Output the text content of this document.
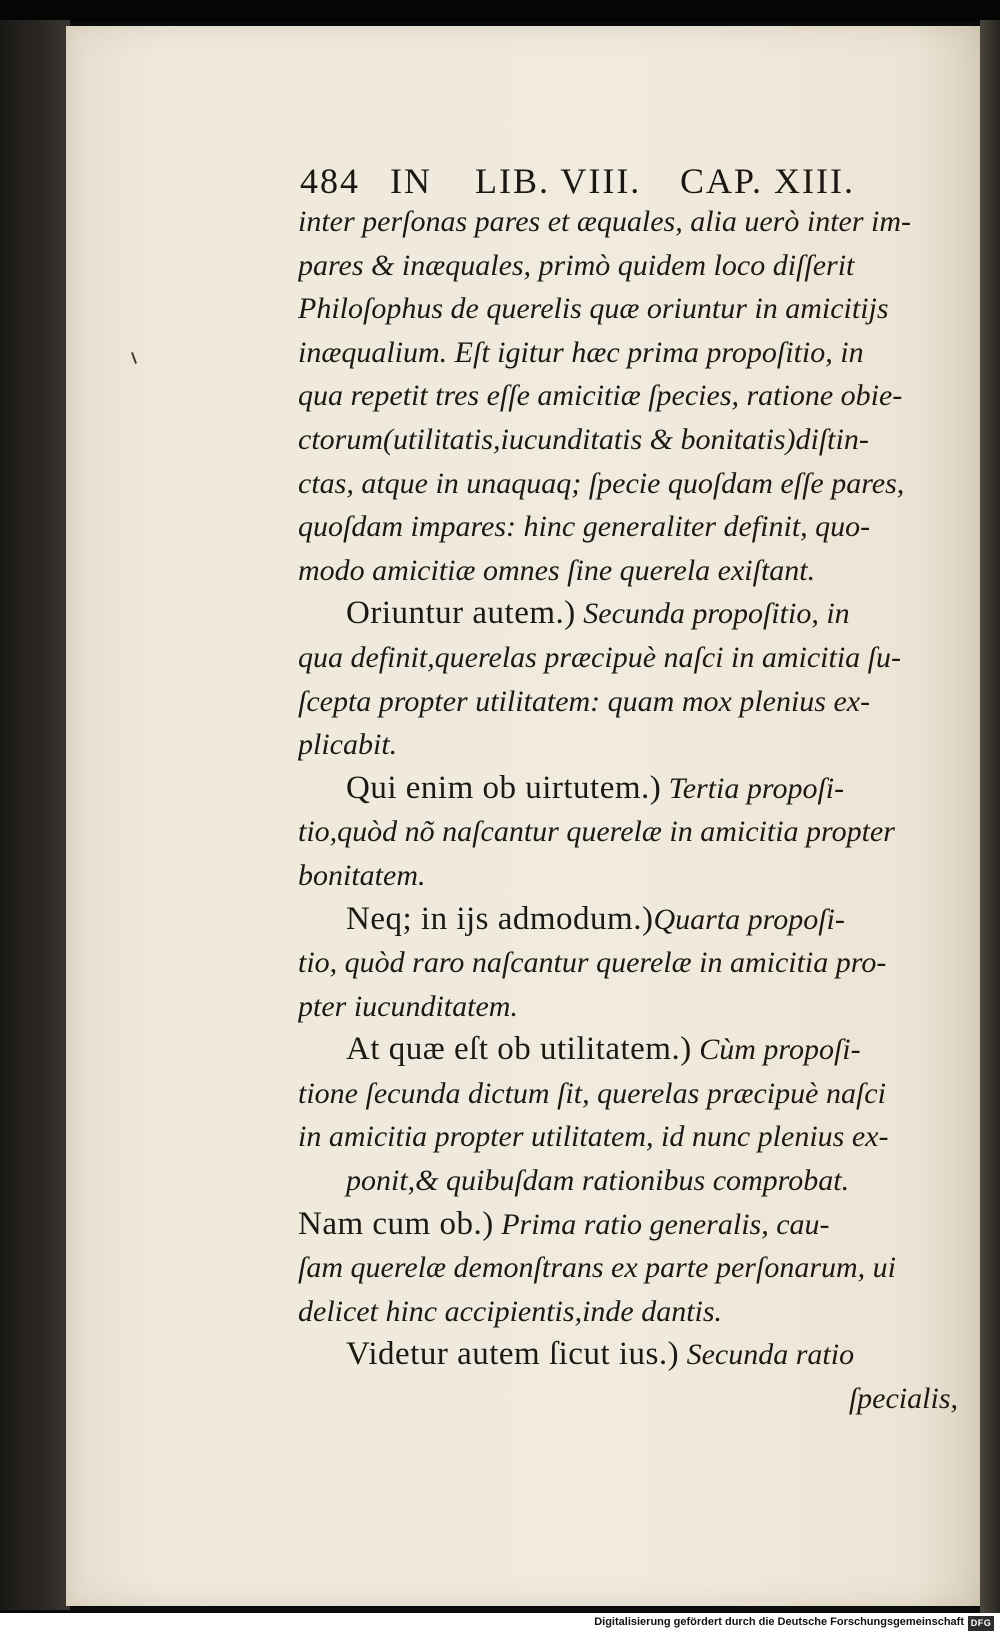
484 IN LIB. VIII. CAP. XIII.
inter perſonas pares et æquales, alia uerò inter im-
pares & inæquales, primò quidem loco diſſerit
Philoſophus de querelis quæ oriuntur in amicitijs
inæqualium. Eſt igitur hæc prima propoſitio, in
qua repetit tres eſſe amicitiæ ſpecies, ratione obie-
ctorum(utilitatis,iucunditatis & bonitatis)diſtin-
ctas, atque in unaquaq; ſpecie quoſdam eſſe pares,
quoſdam impares: hinc generaliter definit, quo-
modo amicitiæ omnes ſine querela exiſtant.
Oriuntur autem.) Secunda propoſitio, in
qua definit,querelas præcipuè naſci in amicitia ſu-
ſcepta propter utilitatem: quam mox plenius ex-
plicabit.
Qui enim ob uirtutem.) Tertia propoſi-
tio,quòd nõ naſcantur querelæ in amicitia propter
bonitatem.
Neq; in ijs admodum.)Quarta propoſi-
tio, quòd raro naſcantur querelæ in amicitia pro-
pter iucunditatem.
At quæ eſt ob utilitatem.) Cùm propoſi-
tione ſecunda dictum ſit, querelas præcipuè naſci
in amicitia propter utilitatem, id nunc plenius ex-
ponit,& quibuſdam rationibus comprobat.
Nam cum ob.) Prima ratio generalis, cau-
ſam querelæ demonſtrans ex parte perſonarum, ui
delicet hinc accipientis,inde dantis.
Videtur autem ſicut ius.) Secunda ratio
ſpecialis,
Digitalisierung gefördert durch die Deutsche Forschungsgemeinschaft DFG
